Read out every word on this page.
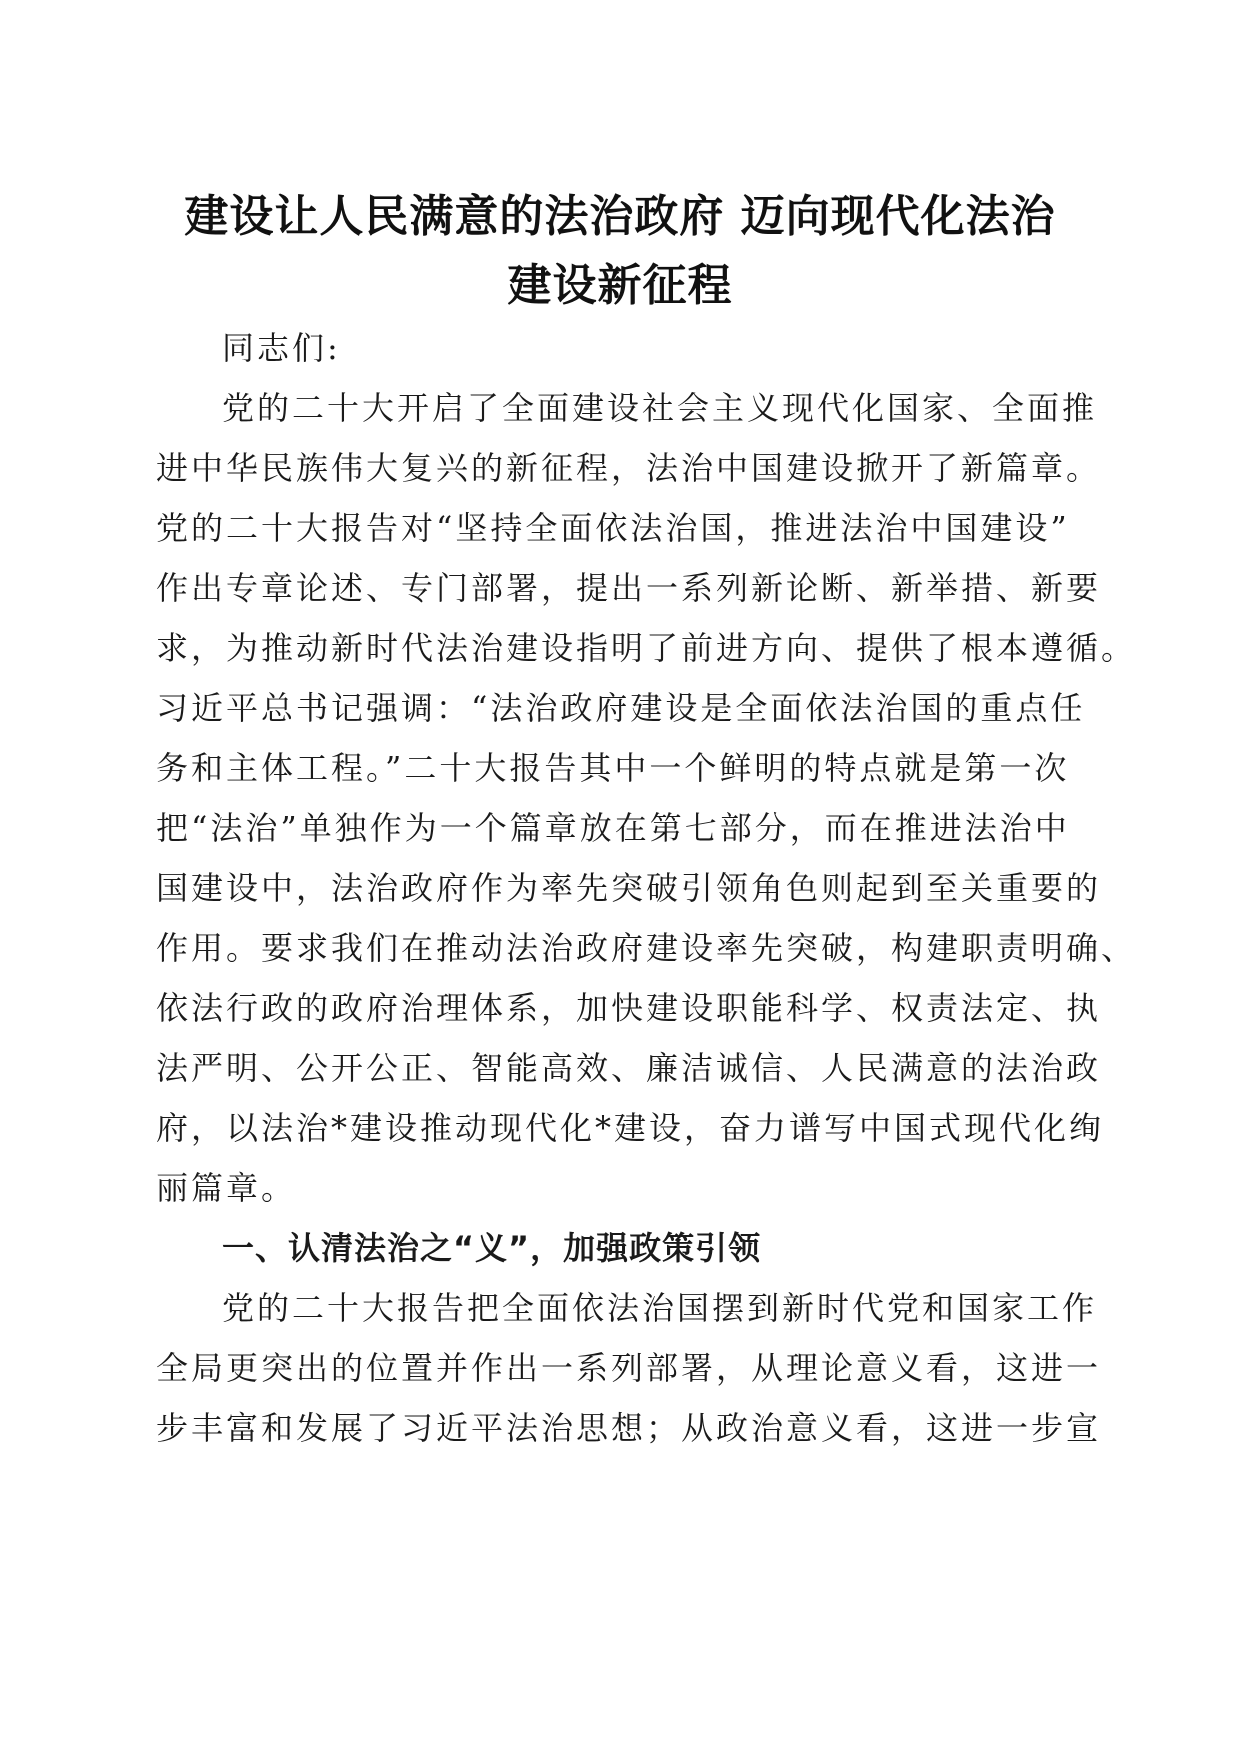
建设让人民满意的法治政府 迈向现代化法治
建设新征程
同志们:
党的二十大开启了全面建设社会主义现代化国家、全面推
进中华民族伟大复兴的新征程，法治中国建设掀开了新篇章。
党的二十大报告对“坚持全面依法治国，推进法治中国建设”
作出专章论述、专门部署，提出一系列新论断、新举措、新要
求，为推动新时代法治建设指明了前进方向、提供了根本遵循。
习近平总书记强调：“法治政府建设是全面依法治国的重点任
务和主体工程。”二十大报告其中一个鲜明的特点就是第一次
把“法治”单独作为一个篇章放在第七部分，而在推进法治中
国建设中，法治政府作为率先突破引领角色则起到至关重要的
作用。要求我们在推动法治政府建设率先突破，构建职责明确、
依法行政的政府治理体系，加快建设职能科学、权责法定、执
法严明、公开公正、智能高效、廉洁诚信、人民满意的法治政
府，以法治*建设推动现代化*建设，奋力谱写中国式现代化绚
丽篇章。
一、认清法治之“义”，加强政策引领
党的二十大报告把全面依法治国摆到新时代党和国家工作
全局更突出的位置并作出一系列部署，从理论意义看，这进一
步丰富和发展了习近平法治思想；从政治意义看，这进一步宣
